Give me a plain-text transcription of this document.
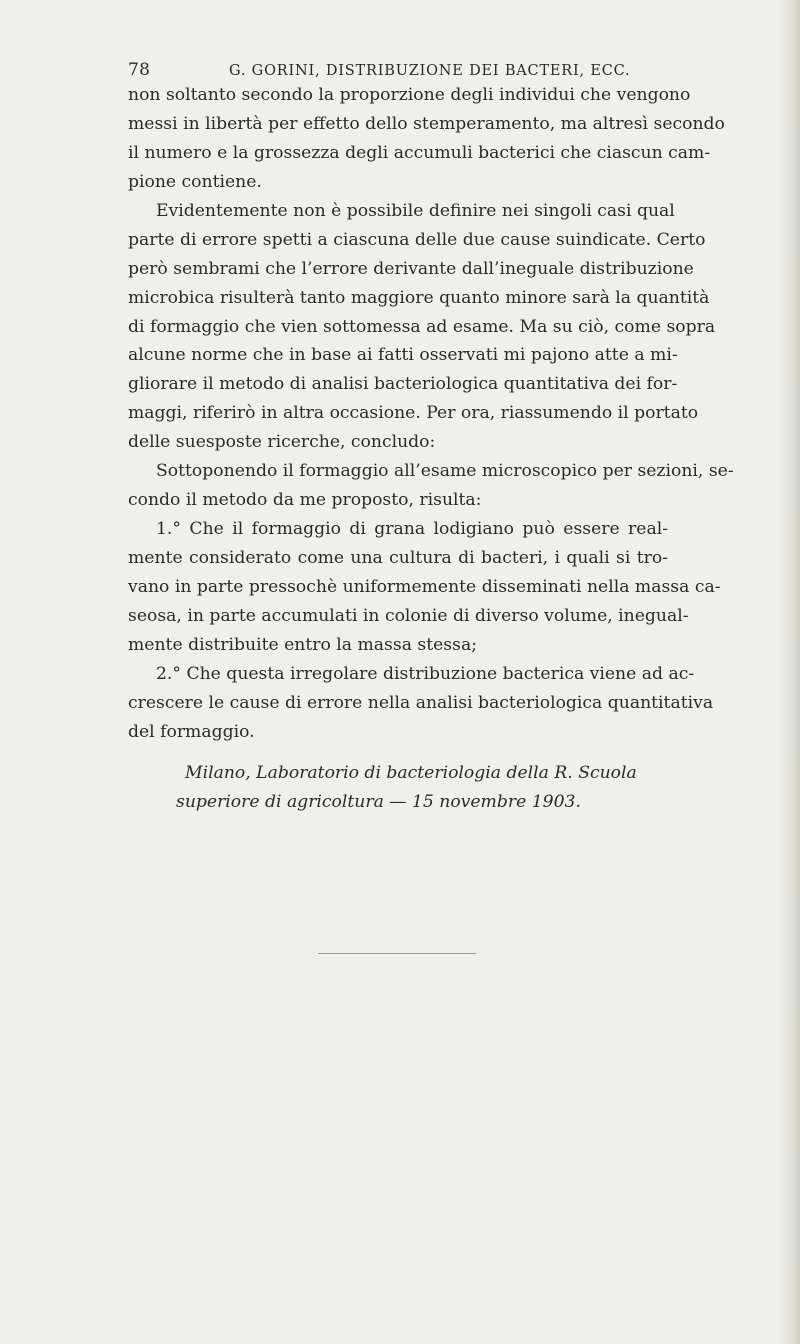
78	G. GORINI, DISTRIBUZIONE DEI BACTERI, ECC.
non soltanto secondo la proporzione degli individui che vengono
messi in libertà per effetto dello stemperamento, ma altresì secondo
il numero e la grossezza degli accumuli bacterici che ciascun cam-
pione contiene.
Evidentemente non è possibile definire nei singoli casi qual
parte di errore spetti a ciascuna delle due cause suindicate. Certo
però sembrami che l’errore derivante dall’ineguale distribuzione
microbica risulterà tanto maggiore quanto minore sarà la quantità
di formaggio che vien sottomessa ad esame. Ma su ciò, come sopra
alcune norme che in base ai fatti osservati mi pajono atte a mi-
gliorare il metodo di analisi bacteriologica quantitativa dei for-
maggi, riferirò in altra occasione. Per ora, riassumendo il portato
delle suesposte ricerche, concludo:
Sottoponendo il formaggio all’esame microscopico per sezioni, se-
condo il metodo da me proposto, risulta:
1.° Che il formaggio di grana lodigiano può essere real-
mente considerato come una cultura di bacteri, i quali si tro-
vano in parte pressochè uniformemente disseminati nella massa ca-
seosa, in parte accumulati in colonie di diverso volume, inegual-
mente distribuite entro la massa stessa;
2.° Che questa irregolare distribuzione bacterica viene ad ac-
crescere le cause di errore nella analisi bacteriologica quantitativa
del formaggio.
Milano, Laboratorio di bacteriologia della R. Scuola
superiore di agricoltura — 15 novembre 1903.
